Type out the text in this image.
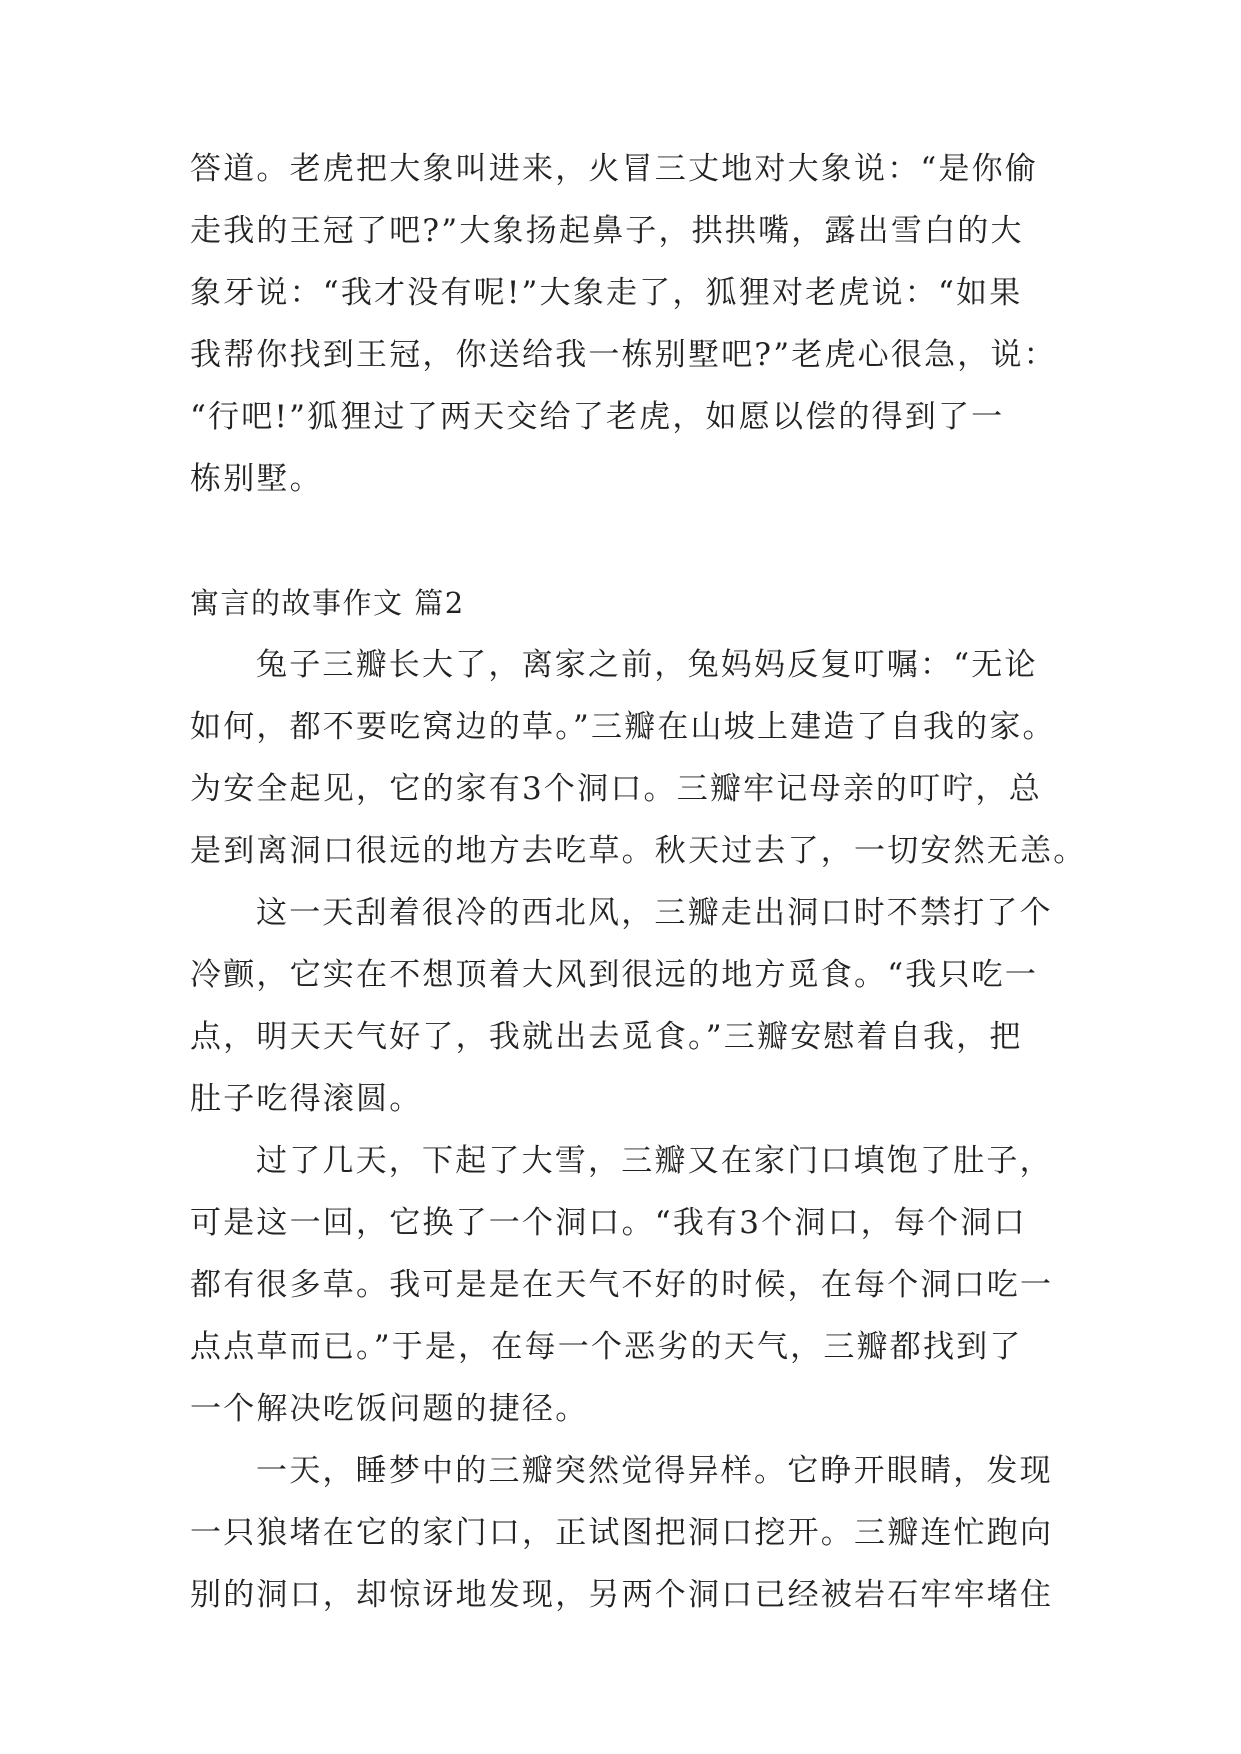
答道。老虎把大象叫进来，火冒三丈地对大象说：“是你偷
走我的王冠了吧?”大象扬起鼻子，拱拱嘴，露出雪白的大
象牙说：“我才没有呢!”大象走了，狐狸对老虎说：“如果
我帮你找到王冠，你送给我一栋别墅吧?”老虎心很急，说：
“行吧!”狐狸过了两天交给了老虎，如愿以偿的得到了一
栋别墅。
寓言的故事作文 篇2
兔子三瓣长大了，离家之前，兔妈妈反复叮嘱：“无论
如何，都不要吃窝边的草。”三瓣在山坡上建造了自我的家。
为安全起见，它的家有3个洞口。三瓣牢记母亲的叮咛，总
是到离洞口很远的地方去吃草。秋天过去了，一切安然无恙。
这一天刮着很冷的西北风，三瓣走出洞口时不禁打了个
冷颤，它实在不想顶着大风到很远的地方觅食。“我只吃一
点，明天天气好了，我就出去觅食。”三瓣安慰着自我，把
肚子吃得滚圆。
过了几天，下起了大雪，三瓣又在家门口填饱了肚子，
可是这一回，它换了一个洞口。“我有3个洞口，每个洞口
都有很多草。我可是是在天气不好的时候，在每个洞口吃一
点点草而已。”于是，在每一个恶劣的天气，三瓣都找到了
一个解决吃饭问题的捷径。
一天，睡梦中的三瓣突然觉得异样。它睁开眼睛，发现
一只狼堵在它的家门口，正试图把洞口挖开。三瓣连忙跑向
别的洞口，却惊讶地发现，另两个洞口已经被岩石牢牢堵住
